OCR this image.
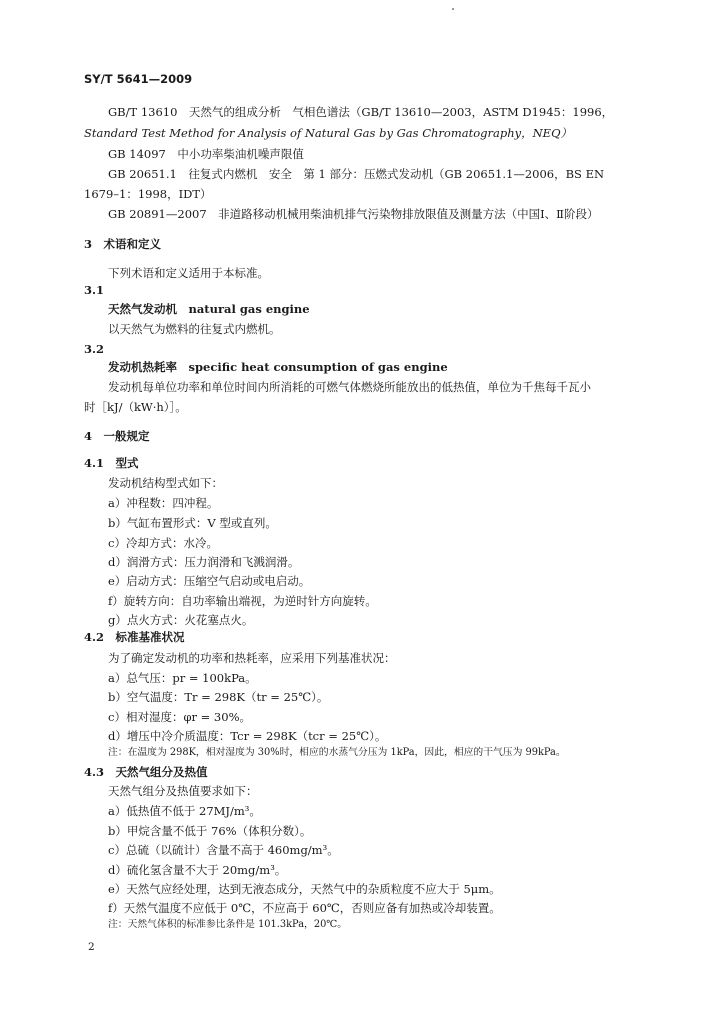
SY/T 5641—2009
GB/T 13610　天然气的组成分析　气相色谱法（GB/T 13610—2003，ASTM D1945：1996，
Standard Test Method for Analysis of Natural Gas by Gas Chromatography，NEQ）
GB 14097　中小功率柴油机噪声限值
GB 20651.1　往复式内燃机　安全　第 1 部分：压燃式发动机（GB 20651.1—2006，BS EN
1679–1：1998，IDT）
GB 20891—2007　非道路移动机械用柴油机排气污染物排放限值及测量方法（中国Ⅰ、Ⅱ阶段）
3　术语和定义
下列术语和定义适用于本标准。
3.1
天然气发动机　natural gas engine
以天然气为燃料的往复式内燃机。
3.2
发动机热耗率　specific heat consumption of gas engine
发动机每单位功率和单位时间内所消耗的可燃气体燃烧所能放出的低热值，单位为千焦每千瓦小
时［kJ/（kW·h）］。
4　一般规定
4.1　型式
发动机结构型式如下：
a）冲程数：四冲程。
b）气缸布置形式：V 型或直列。
c）冷却方式：水冷。
d）润滑方式：压力润滑和飞溅润滑。
e）启动方式：压缩空气启动或电启动。
f）旋转方向：自功率输出端视，为逆时针方向旋转。
g）点火方式：火花塞点火。
4.2　标准基准状况
为了确定发动机的功率和热耗率，应采用下列基准状况：
a）总气压：pr = 100kPa。
b）空气温度：Tr = 298K（tr = 25℃）。
c）相对湿度：φr = 30%。
d）增压中冷介质温度：Tcr = 298K（tcr = 25℃）。
注：在温度为 298K，相对湿度为 30%时，相应的水蒸气分压为 1kPa，因此，相应的干气压为 99kPa。
4.3　天然气组分及热值
天然气组分及热值要求如下：
a）低热值不低于 27MJ/m³。
b）甲烷含量不低于 76%（体积分数）。
c）总硫（以硫计）含量不高于 460mg/m³。
d）硫化氢含量不大于 20mg/m³。
e）天然气应经处理，达到无液态成分，天然气中的杂质粒度不应大于 5μm。
f）天然气温度不应低于 0℃，不应高于 60℃，否则应备有加热或冷却装置。
注：天然气体积的标准参比条件是 101.3kPa，20℃。
2
